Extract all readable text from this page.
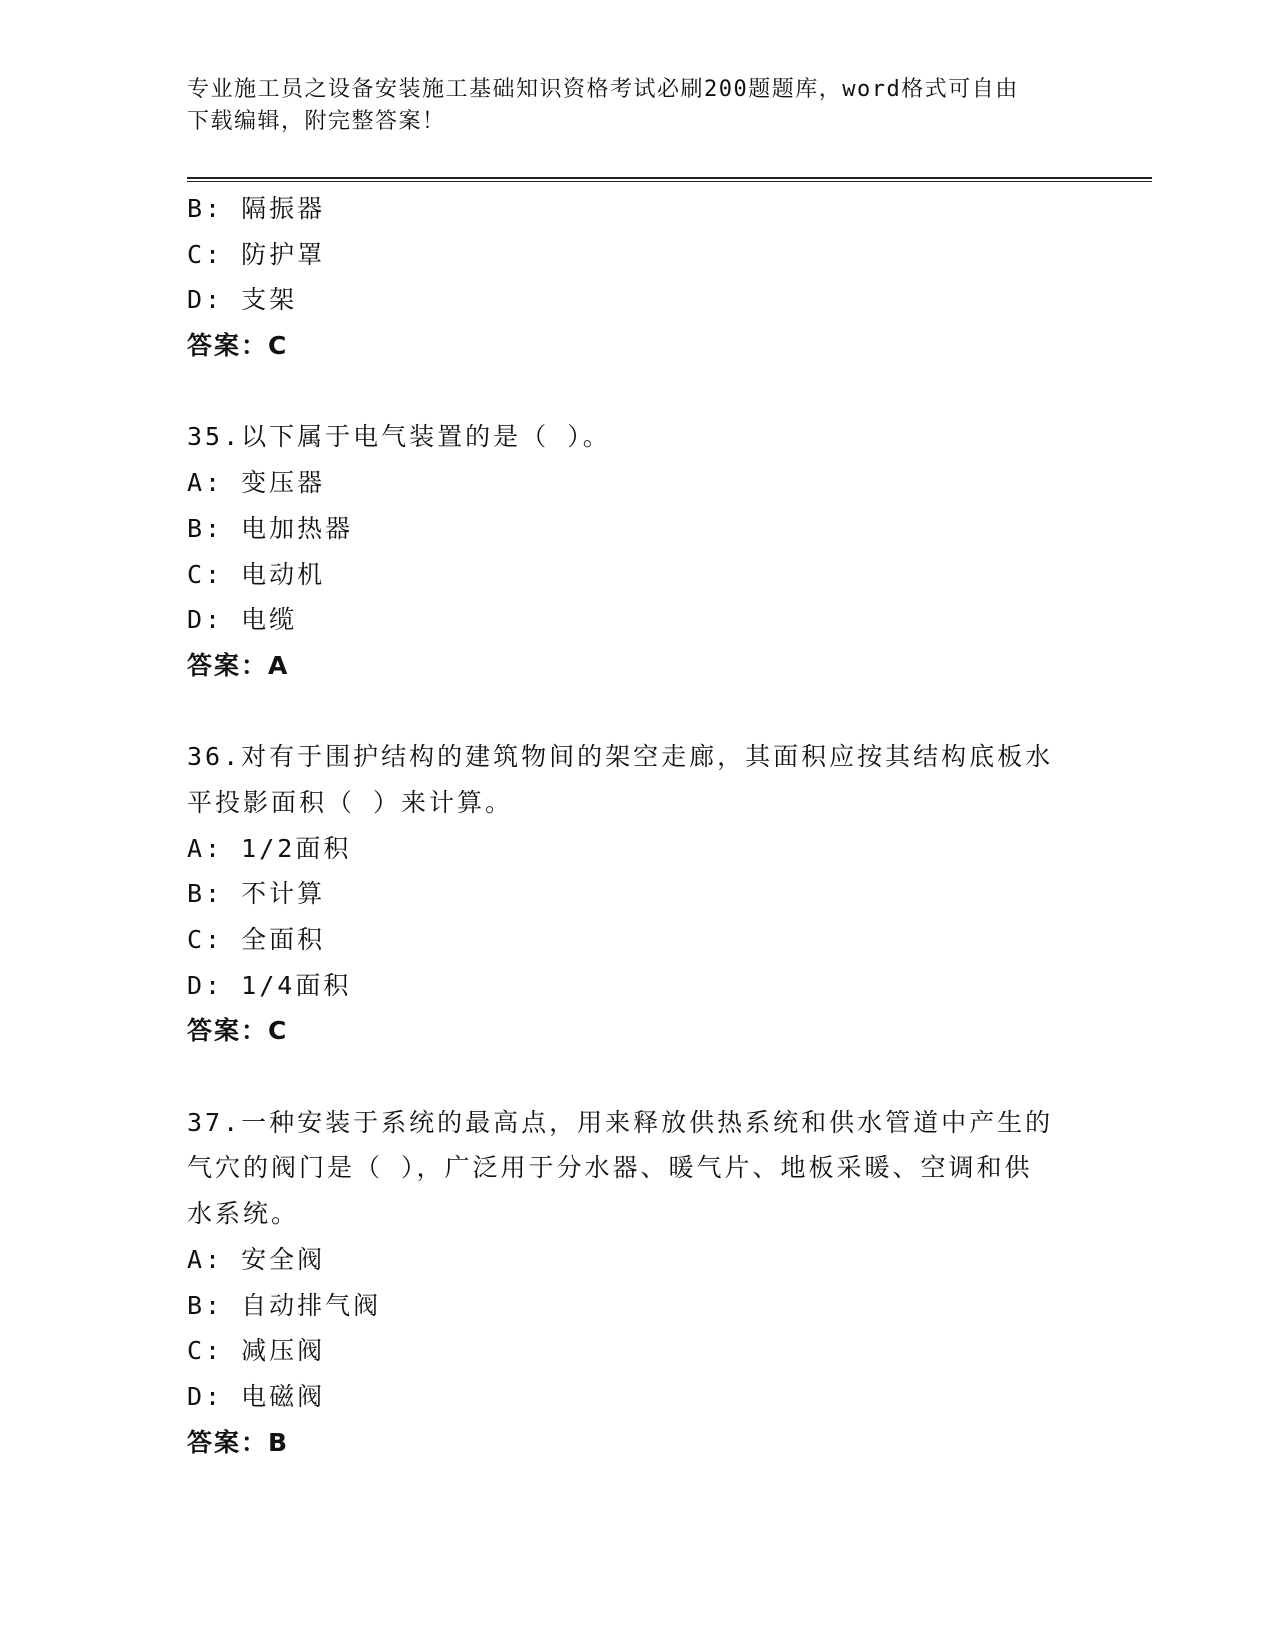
专业施工员之设备安装施工基础知识资格考试必刷200题题库，word格式可自由
下载编辑，附完整答案！
B: 隔振器
C: 防护罩
D: 支架
答案：C
35.以下属于电气装置的是（ ）。
A: 变压器
B: 电加热器
C: 电动机
D: 电缆
答案：A
36.对有于围护结构的建筑物间的架空走廊，其面积应按其结构底板水
平投影面积（ ）来计算。
A: 1/2面积
B: 不计算
C: 全面积
D: 1/4面积
答案：C
37.一种安装于系统的最高点，用来释放供热系统和供水管道中产生的
气穴的阀门是（ ），广泛用于分水器、暖气片、地板采暖、空调和供
水系统。
A: 安全阀
B: 自动排气阀
C: 减压阀
D: 电磁阀
答案：B
